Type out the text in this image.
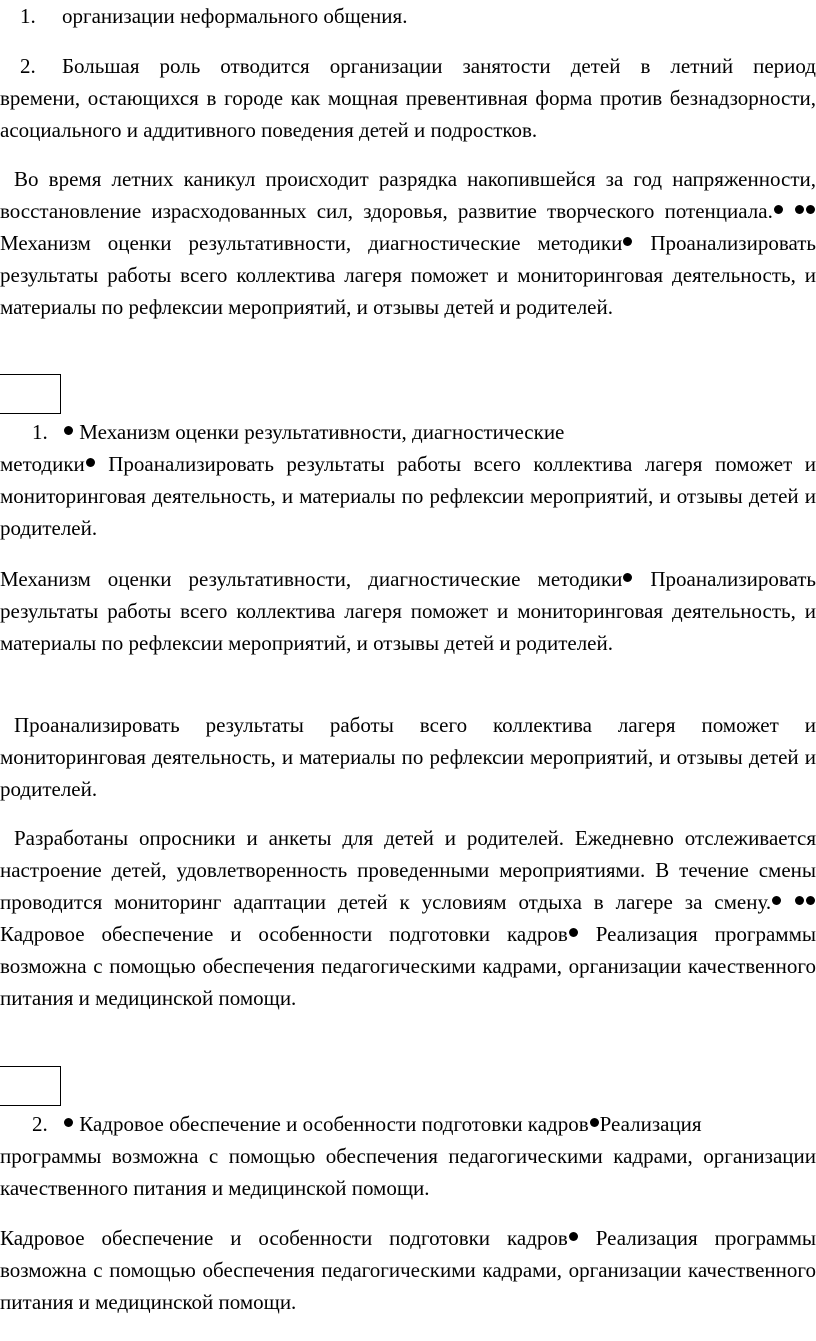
1. организации неформального общения.

2. Большая роль отводится организации занятости детей в летний период

времени, остающихся в городе как мощная превентивная форма против безнадзорности, асоциального и аддитивного поведения детей и подростков.

Во время летних каникул происходит разрядка накопившейся за год напряженности, восстановление израсходованных сил, здоровья, развитие творческого потенциала.  Механизм оценки результативности, диагностические методики Проанализировать результаты работы всего коллектива лагеря поможет и мониторинговая деятельность, и материалы по рефлексии мероприятий, и отзывы детей и родителей.

1. Механизм оценки результативности, диагностические

методики Проанализировать результаты работы всего коллектива лагеря поможет и мониторинговая деятельность, и материалы по рефлексии мероприятий, и отзывы детей и родителей.

Механизм оценки результативности, диагностические методики Проанализировать результаты работы всего коллектива лагеря поможет и мониторинговая деятельность, и материалы по рефлексии мероприятий, и отзывы детей и родителей.

Проанализировать результаты работы всего коллектива лагеря поможет и мониторинговая деятельность, и материалы по рефлексии мероприятий, и отзывы детей и родителей.

Разработаны опросники и анкеты для детей и родителей. Ежедневно отслеживается настроение детей, удовлетворенность проведенными мероприятиями. В течение смены проводится мониторинг адаптации детей к условиям отдыха в лагере за смену.  Кадровое обеспечение и особенности подготовки кадров Реализация программы возможна с помощью обеспечения педагогическими кадрами, организации качественного питания и медицинской помощи.

2. Кадровое обеспечение и особенности подготовки кадров Реализация

программы возможна с помощью обеспечения педагогическими кадрами, организации качественного питания и медицинской помощи.

Кадровое обеспечение и особенности подготовки кадров Реализация программы возможна с помощью обеспечения педагогическими кадрами, организации качественного питания и медицинской помощи.
